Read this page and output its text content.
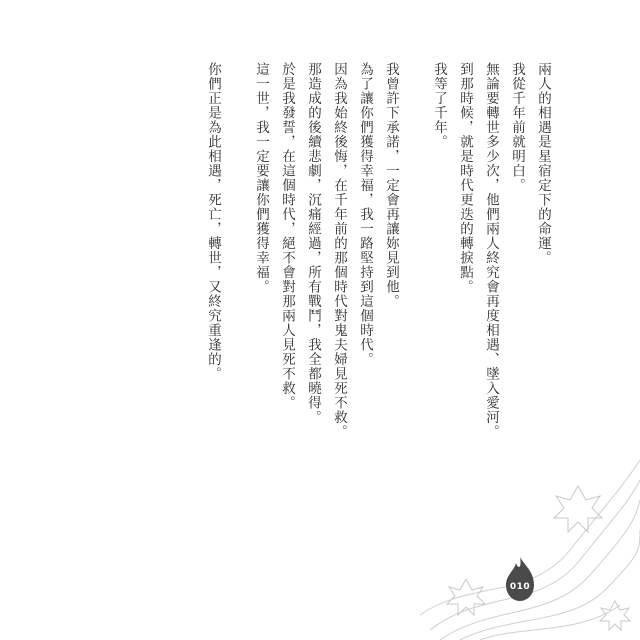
兩人的相遇是星宿定下的命運。

我從千年前就明白。

無論要轉世多少次，他們兩人終究會再度相遇、墜入愛河。

到那時候，就是時代更迭的轉捩點。

我等了千年。

我曾許下承諾，一定會再讓妳見到他。

為了讓你們獲得幸福，我一路堅持到這個時代。

因為我始終後悔，在千年前的那個時代對鬼夫婦見死不救。

那造成的後續悲劇，沉痛經過，所有戰鬥，我全都曉得。

於是我發誓，在這個時代，絕不會對那兩人見死不救。

這一世，我一定要讓你們獲得幸福。

你們正是為此相遇，死亡，轉世，又終究重逢的。

010
